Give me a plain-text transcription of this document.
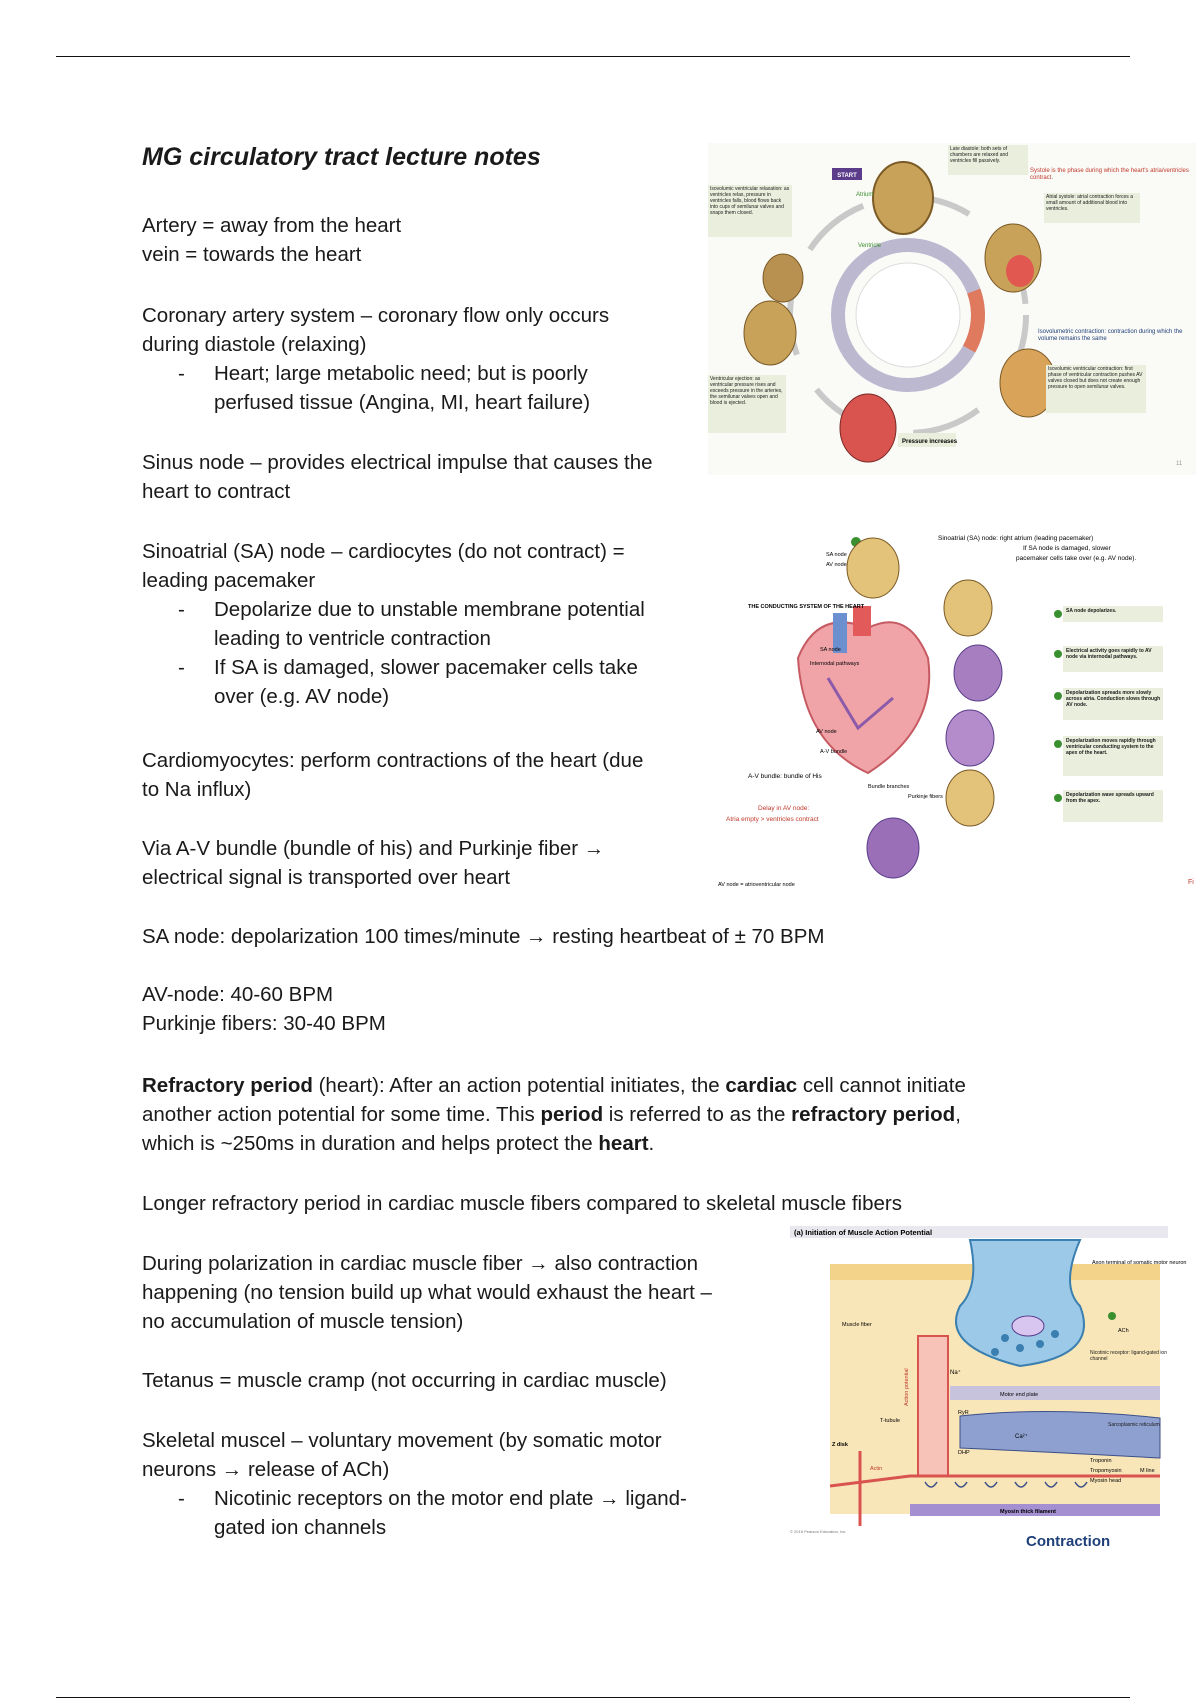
MG circulatory tract lecture notes

Artery = away from the heart

vein = towards the heart

Coronary artery system – coronary flow only occurs

during diastole (relaxing)

- Heart; large metabolic need; but is poorly

perfused tissue (Angina, MI, heart failure)

Sinus node – provides electrical impulse that causes the

heart to contract

Sinoatrial (SA) node – cardiocytes (do not contract) =

leading pacemaker

- Depolarize due to unstable membrane potential

leading to ventricle contraction

- If SA is damaged, slower pacemaker cells take

over (e.g. AV node)

Cardiomyocytes: perform contractions of the heart (due

to Na influx)

Via A-V bundle (bundle of his) and Purkinje fiber →

electrical signal is transported over heart

SA node: depolarization 100 times/minute → resting heartbeat of ± 70 BPM

AV-node: 40-60 BPM

Purkinje fibers: 30-40 BPM

Refractory period (heart): After an action potential initiates, the cardiac cell cannot initiate

another action potential for some time. This period is referred to as the refractory period,

which is ~250ms in duration and helps protect the heart.

Longer refractory period in cardiac muscle fibers compared to skeletal muscle fibers

During polarization in cardiac muscle fiber → also contraction

happening (no tension build up what would exhaust the heart –

no accumulation of muscle tension)

Tetanus = muscle cramp (not occurring in cardiac muscle)

Skeletal muscel – voluntary movement (by somatic motor

neurons → release of ACh)

- Nicotinic receptors on the motor end plate → ligand-

gated ion channels

START
Atrium
Ventricle
Late diastole: both sets of chambers are relaxed and ventricles fill passively.
Systole is the phase during which the heart's atria/ventricles contract.
Atrial systole: atrial contraction forces a small amount of additional blood into ventricles.
Isovolumetric contraction: contraction during which the volume remains the same
Isovolumic ventricular contraction: first phase of ventricular contraction pushes AV valves closed but does not create enough pressure to open semilunar valves.
Pressure increases
Ventricular ejection: as ventricular pressure rises and exceeds pressure in the arteries, the semilunar valves open and blood is ejected.
Isovolumic ventricular relaxation: as ventricles relax, pressure in ventricles falls, blood flows back into cups of semilunar valves and snaps them closed.
11
Sinoatrial (SA) node: right atrium (leading pacemaker)
If SA node is damaged, slower
pacemaker cells take over (e.g. AV node).
SA node
AV node
THE CONDUCTING SYSTEM OF THE HEART
SA node
Internodal pathways
AV node
A-V bundle
Bundle branches
Purkinje fibers
A-V bundle: bundle of His
Delay in AV node:
Atria empty > ventricles contract
SA node depolarizes.
Electrical activity goes rapidly to AV node via internodal pathways.
Depolarization spreads more slowly across atria. Conduction slows through AV node.
Depolarization moves rapidly through ventricular conducting system to the apex of the heart.
Depolarization wave spreads upward from the apex.
AV node = atrioventricular node	Fi
(a) Initiation of Muscle Action Potential
Axon terminal of somatic motor neuron
ACh
Muscle fiber
Nicotinic receptor: ligand-gated ion channel
Action potential	Na⁺
Motor end plate
T-tubule
RyR
Ca²⁺
Sarcoplasmic reticulum
DHP
Z disk
Actin
Myosin thick filament
Troponin
Tropomyosin
Myosin head
M line
© 2016 Pearson Education, Inc.
Contraction
